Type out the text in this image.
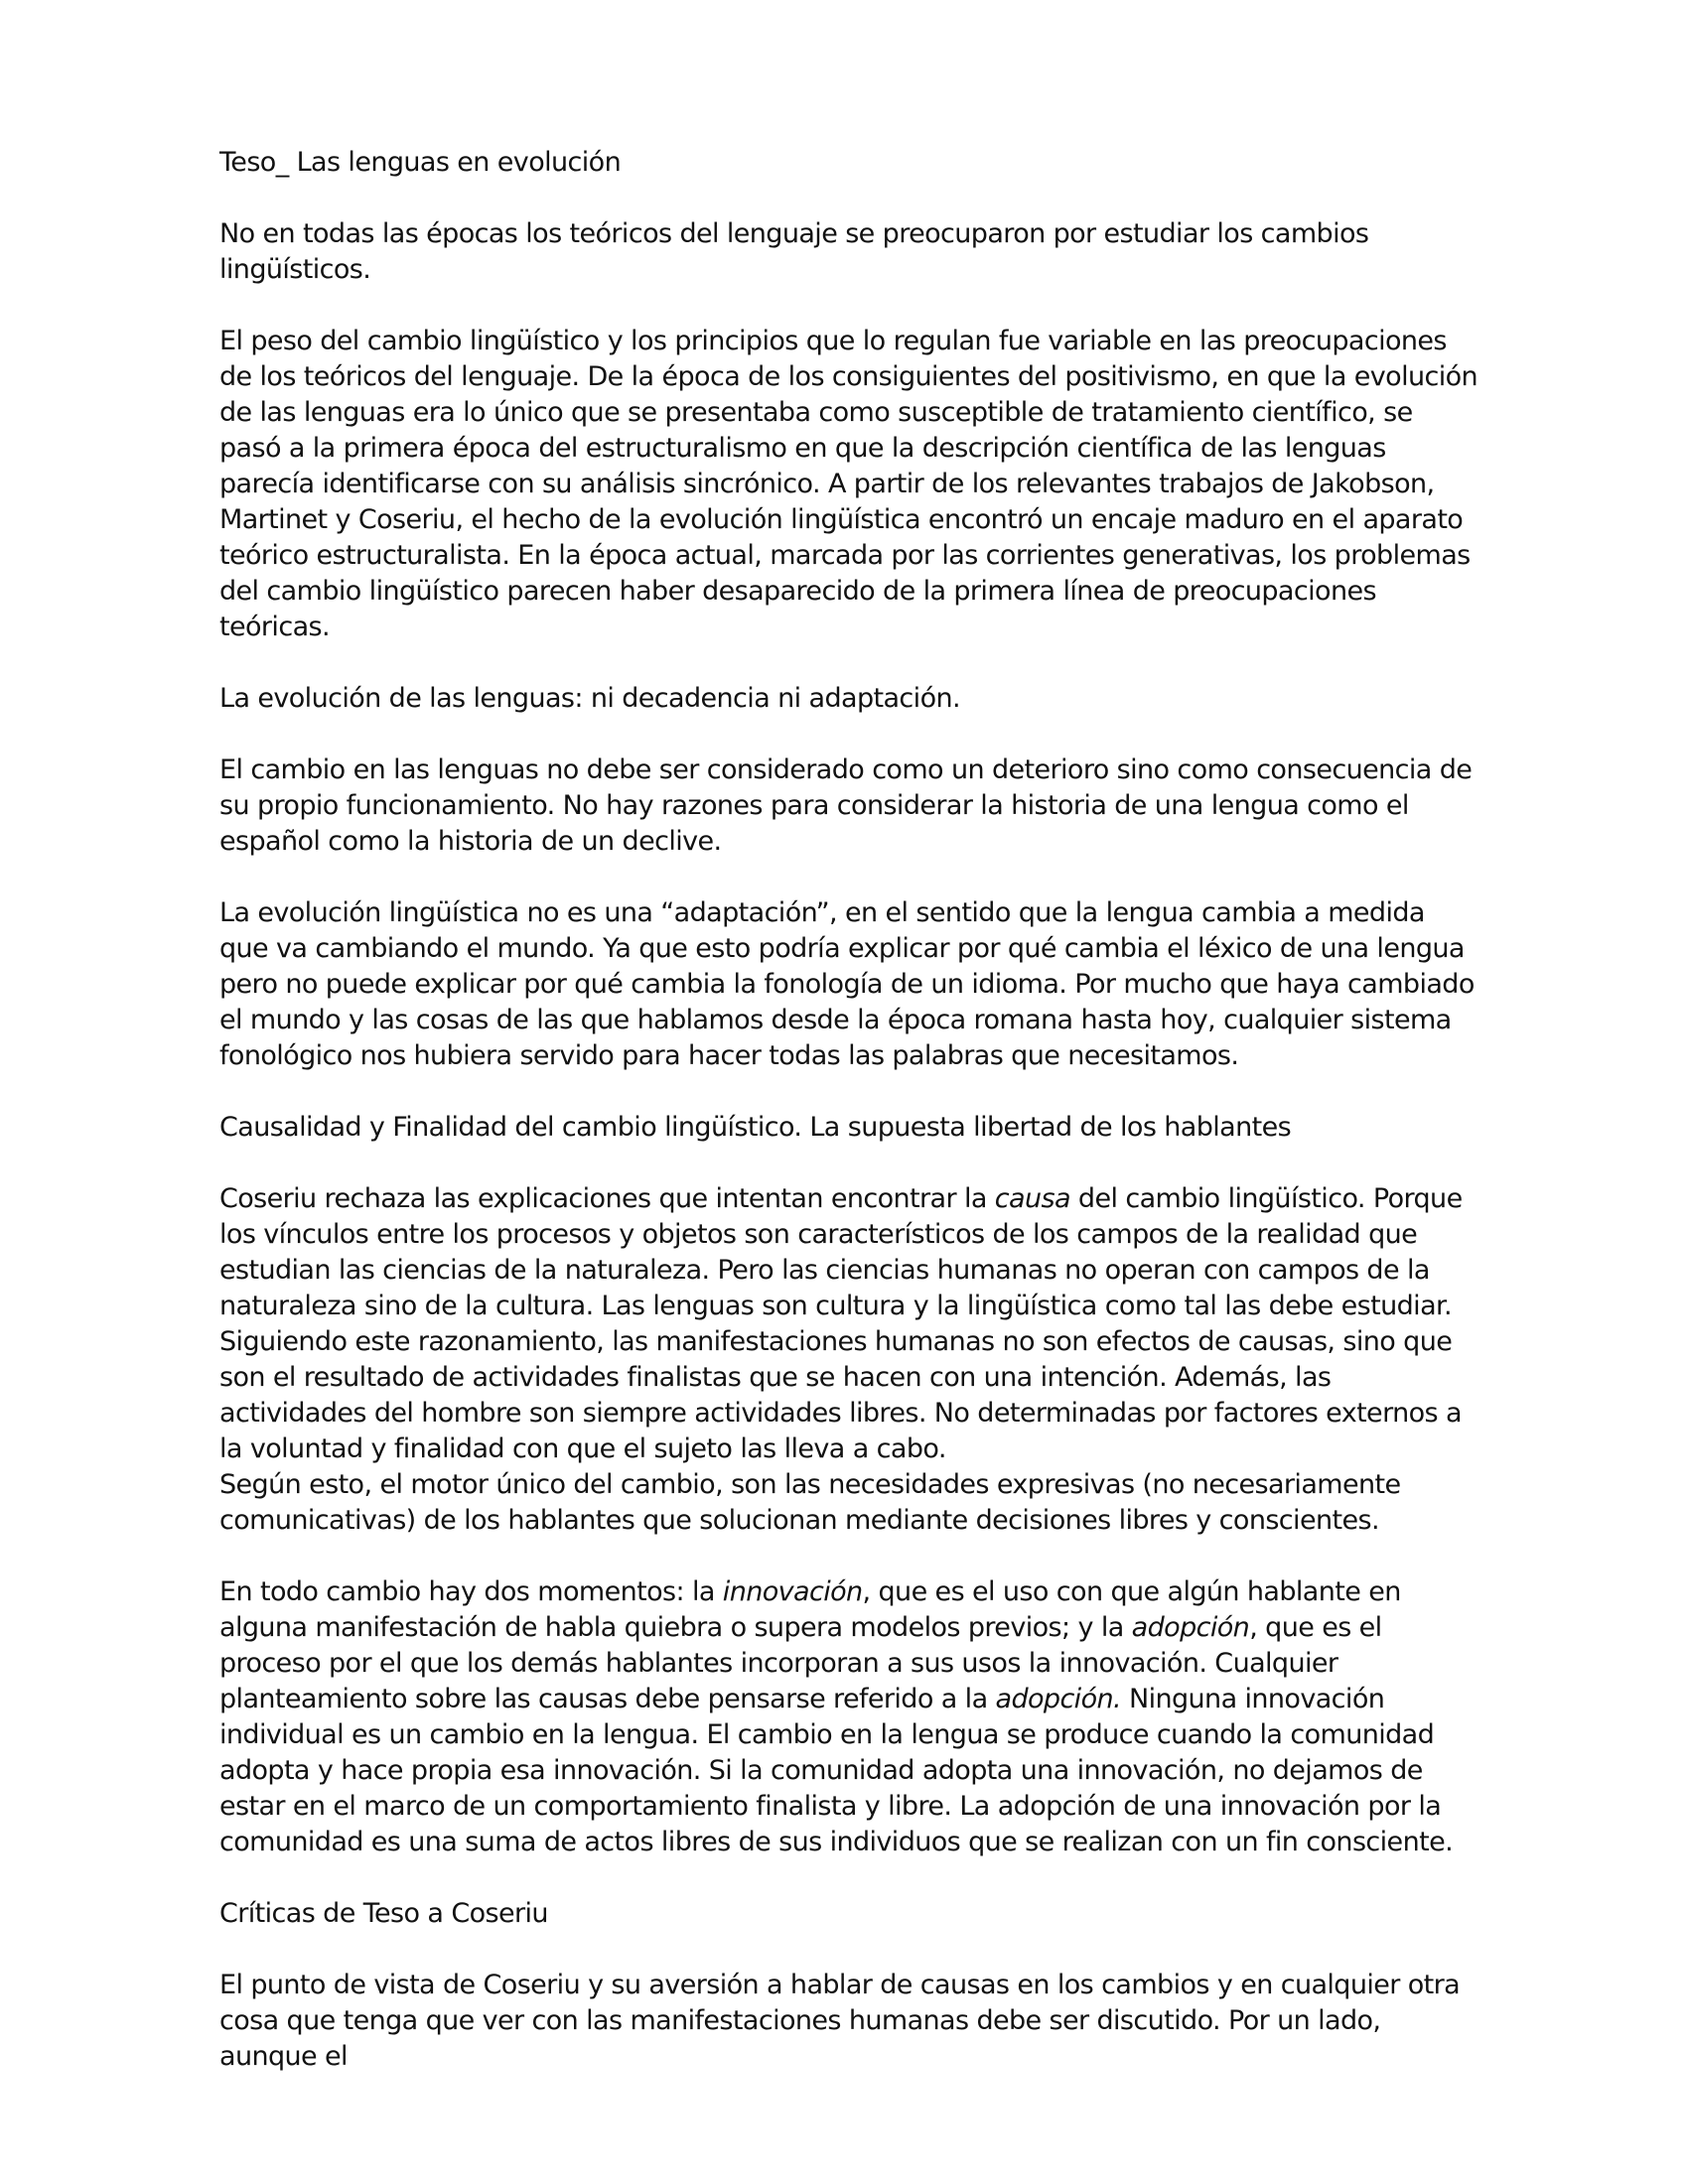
Teso_ Las lenguas en evolución

No en todas las épocas los teóricos del lenguaje se preocuparon por estudiar los cambios lingüísticos.

El peso del cambio lingüístico y los principios que lo regulan fue variable en las preocupaciones de los teóricos del lenguaje. De la época de los consiguientes del positivismo, en que la evolución de las lenguas era lo único que se presentaba como susceptible de tratamiento científico, se pasó a la primera época del estructuralismo en que la descripción científica de las lenguas parecía identificarse con su análisis sincrónico. A partir de los relevantes trabajos de Jakobson, Martinet y Coseriu, el hecho de la evolución lingüística encontró un encaje maduro en el aparato teórico estructuralista. En la época actual, marcada por las corrientes generativas, los problemas del cambio lingüístico parecen haber desaparecido de la primera línea de preocupaciones teóricas.

La evolución de las lenguas: ni decadencia ni adaptación.

El cambio en las lenguas no debe ser considerado como un deterioro sino como consecuencia de su propio funcionamiento. No hay razones para considerar la historia de una lengua como el español como la historia de un declive.

La evolución lingüística no es una “adaptación”, en el sentido que la lengua cambia a medida que va cambiando el mundo. Ya que esto podría explicar por qué cambia el léxico de una lengua pero no puede explicar por qué cambia la fonología de un idioma. Por mucho que haya cambiado el mundo y las cosas de las que hablamos desde la época romana hasta hoy, cualquier sistema fonológico nos hubiera servido para hacer todas las palabras que necesitamos.

Causalidad y Finalidad del cambio lingüístico. La supuesta libertad de los hablantes

Coseriu rechaza las explicaciones que intentan encontrar la causa del cambio lingüístico. Porque los vínculos entre los procesos y objetos son característicos de los campos de la realidad que estudian las ciencias de la naturaleza. Pero las ciencias humanas no operan con campos de la naturaleza sino de la cultura. Las lenguas son cultura y la lingüística como tal las debe estudiar. Siguiendo este razonamiento, las manifestaciones humanas no son efectos de causas, sino que son el resultado de actividades finalistas que se hacen con una intención. Además, las actividades del hombre son siempre actividades libres. No determinadas por factores externos a la voluntad y finalidad con que el sujeto las lleva a cabo.

Según esto, el motor único del cambio, son las necesidades expresivas (no necesariamente comunicativas) de los hablantes que solucionan mediante decisiones libres y conscientes.

En todo cambio hay dos momentos: la innovación, que es el uso con que algún hablante en alguna manifestación de habla quiebra o supera modelos previos; y la adopción, que es el proceso por el que los demás hablantes incorporan a sus usos la innovación. Cualquier planteamiento sobre las causas debe pensarse referido a la adopción. Ninguna innovación individual es un cambio en la lengua. El cambio en la lengua se produce cuando la comunidad adopta y hace propia esa innovación. Si la comunidad adopta una innovación, no dejamos de estar en el marco de un comportamiento finalista y libre. La adopción de una innovación por la comunidad es una suma de actos libres de sus individuos que se realizan con un fin consciente.

Críticas de Teso a Coseriu

El punto de vista de Coseriu y su aversión a hablar de causas en los cambios y en cualquier otra cosa que tenga que ver con las manifestaciones humanas debe ser discutido. Por un lado, aunque el
